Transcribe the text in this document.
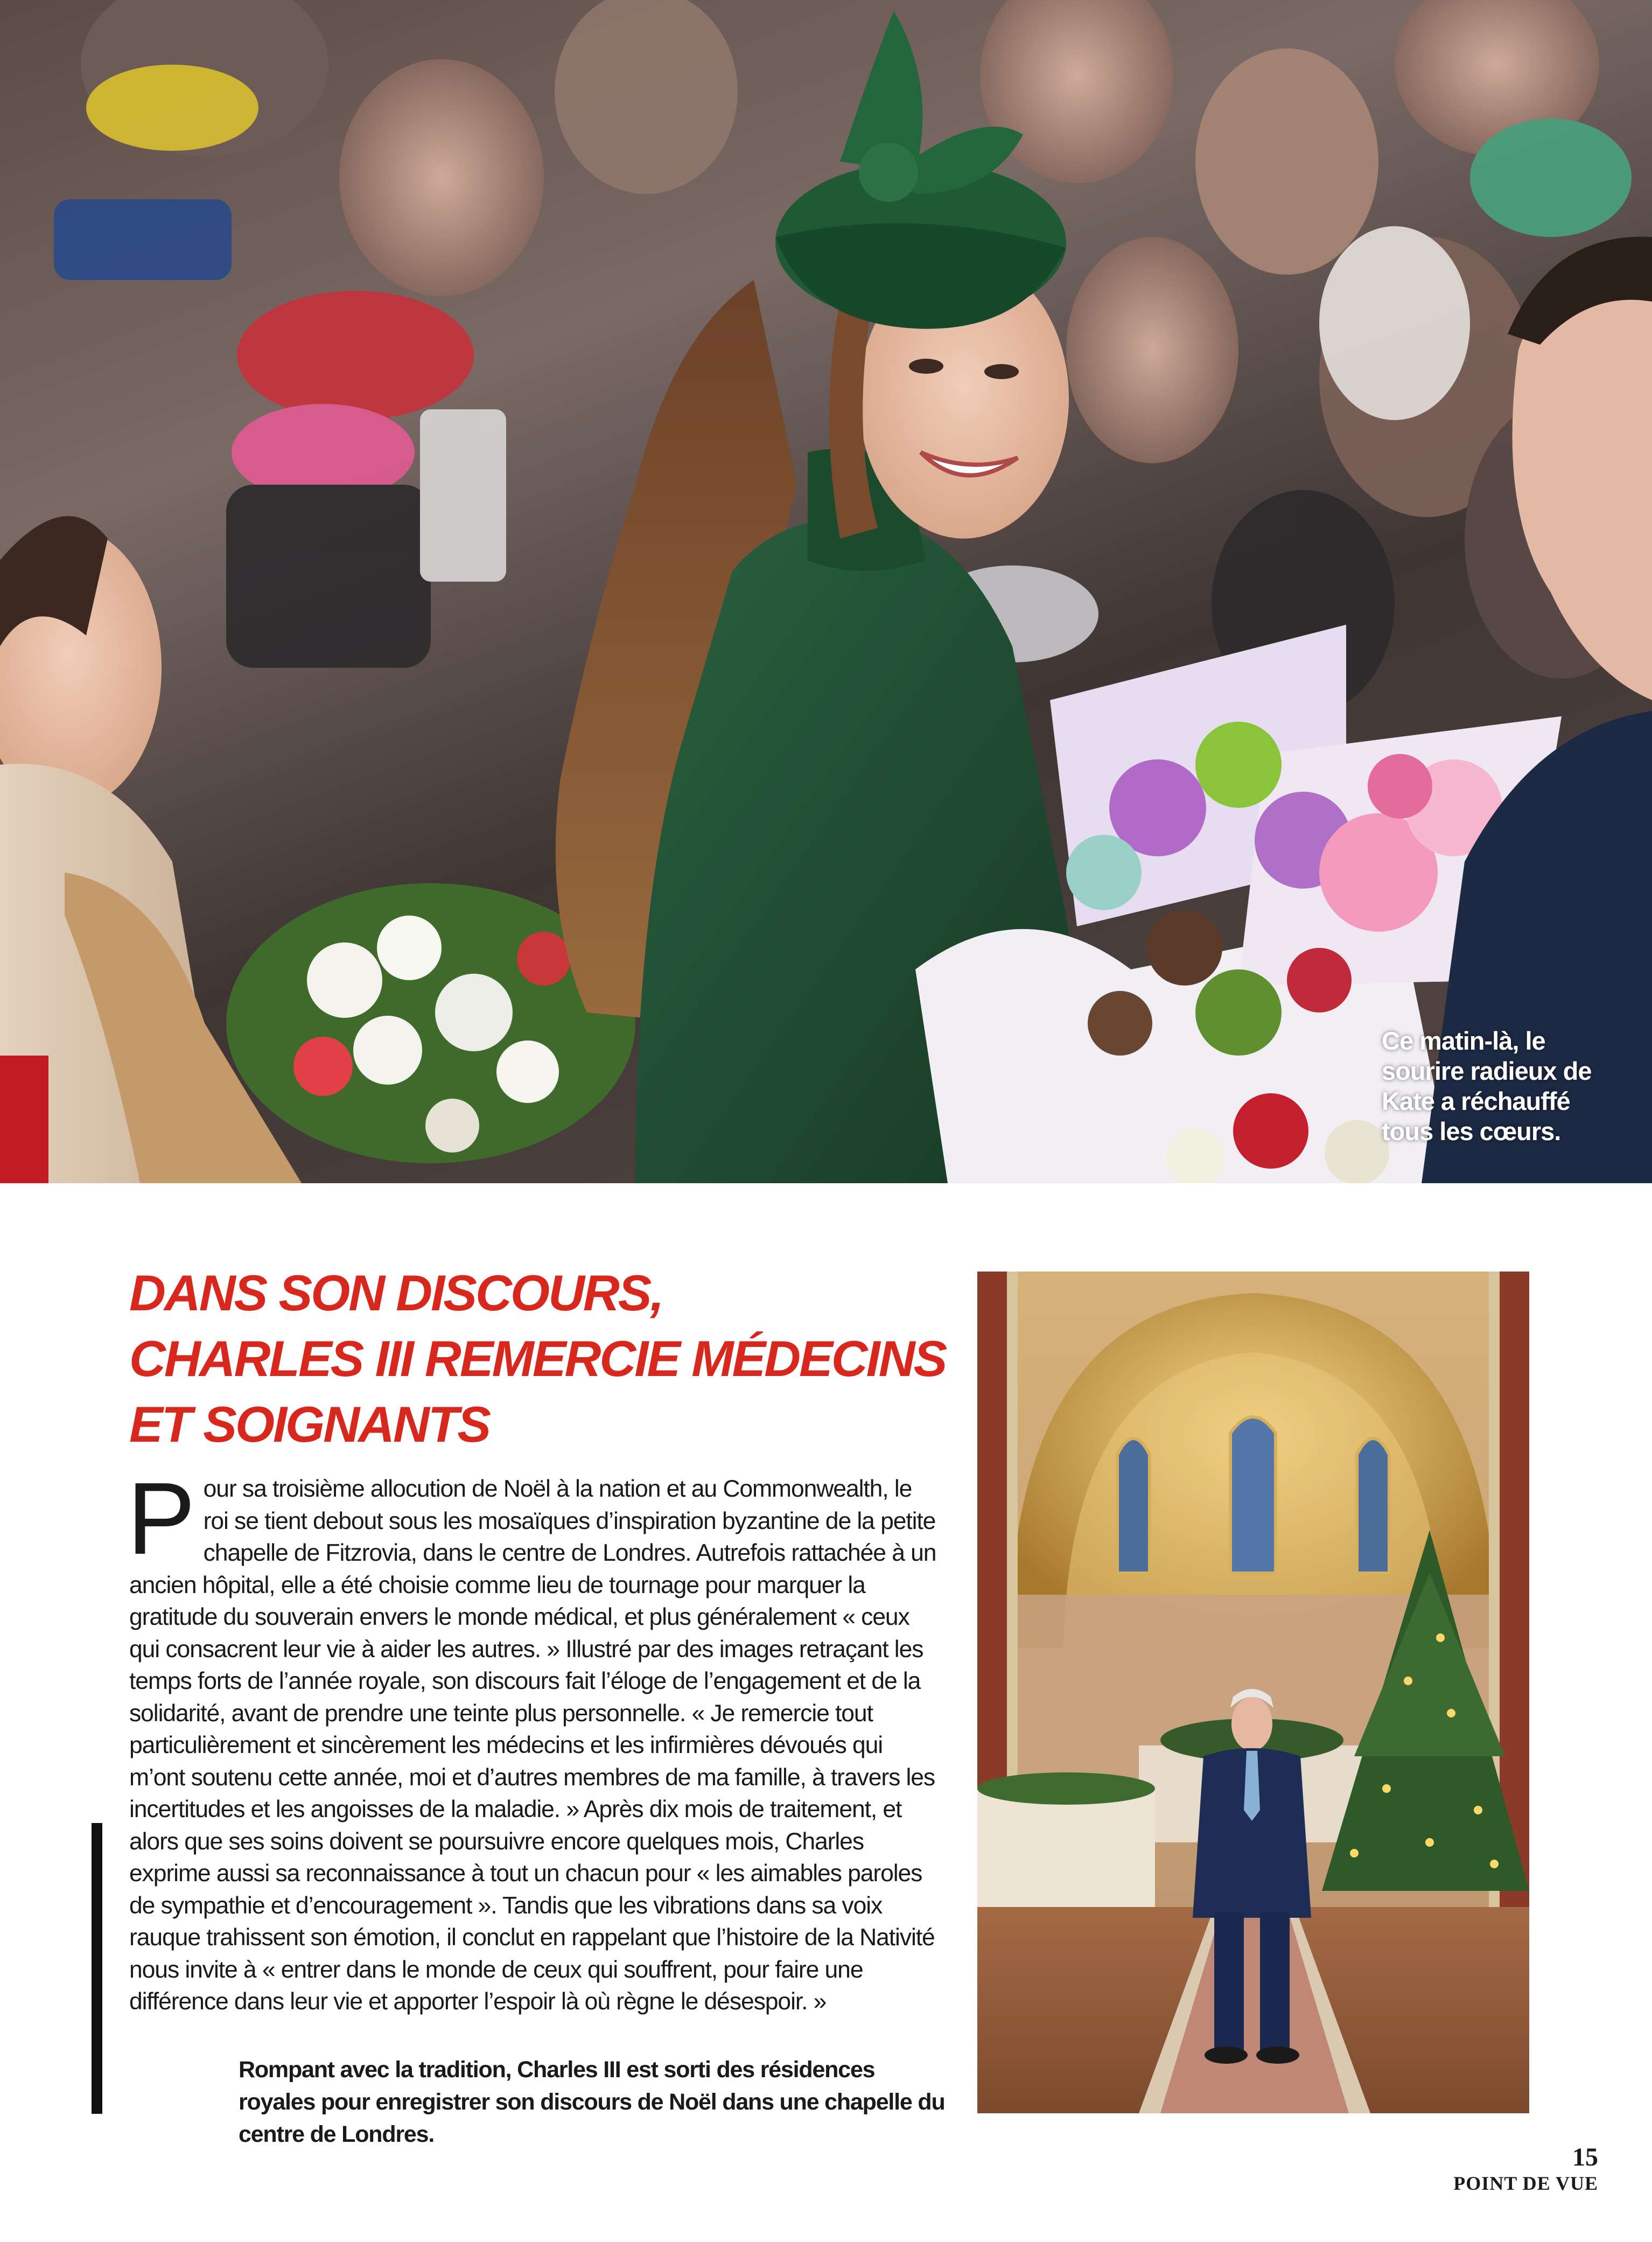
Ce matin-là, le sourire radieux de Kate a réchauffé tous les cœurs.
DANS SON DISCOURS,
CHARLES III REMERCIE MÉDECINS
ET SOIGNANTS
Pour sa troisième allocution de Noël à la nation et au Commonwealth, le roi se tient debout sous les mosaïques d’inspiration byzantine de la petite chapelle de Fitzrovia, dans le centre de Londres. Autrefois rattachée à un ancien hôpital, elle a été choisie comme lieu de tournage pour marquer la gratitude du souverain envers le monde médical, et plus généralement « ceux qui consacrent leur vie à aider les autres. » Illustré par des images retraçant les temps forts de l’année royale, son discours fait l’éloge de l’engagement et de la solidarité, avant de prendre une teinte plus personnelle. « Je remercie tout particulièrement et sincèrement les médecins et les infirmières dévoués qui m’ont soutenu cette année, moi et d’autres membres de ma famille, à travers les incertitudes et les angoisses de la maladie. » Après dix mois de traitement, et alors que ses soins doivent se poursuivre encore quelques mois, Charles exprime aussi sa reconnaissance à tout un chacun pour « les aimables paroles de sympathie et d’encouragement ». Tandis que les vibrations dans sa voix rauque trahissent son émotion, il conclut en rappelant que l’histoire de la Nativité nous invite à « entrer dans le monde de ceux qui souffrent, pour faire une différence dans leur vie et apporter l’espoir là où règne le désespoir. »
Rompant avec la tradition, Charles III est sorti des résidences royales pour enregistrer son discours de Noël dans une chapelle du centre de Londres.
15
POINT DE VUE
